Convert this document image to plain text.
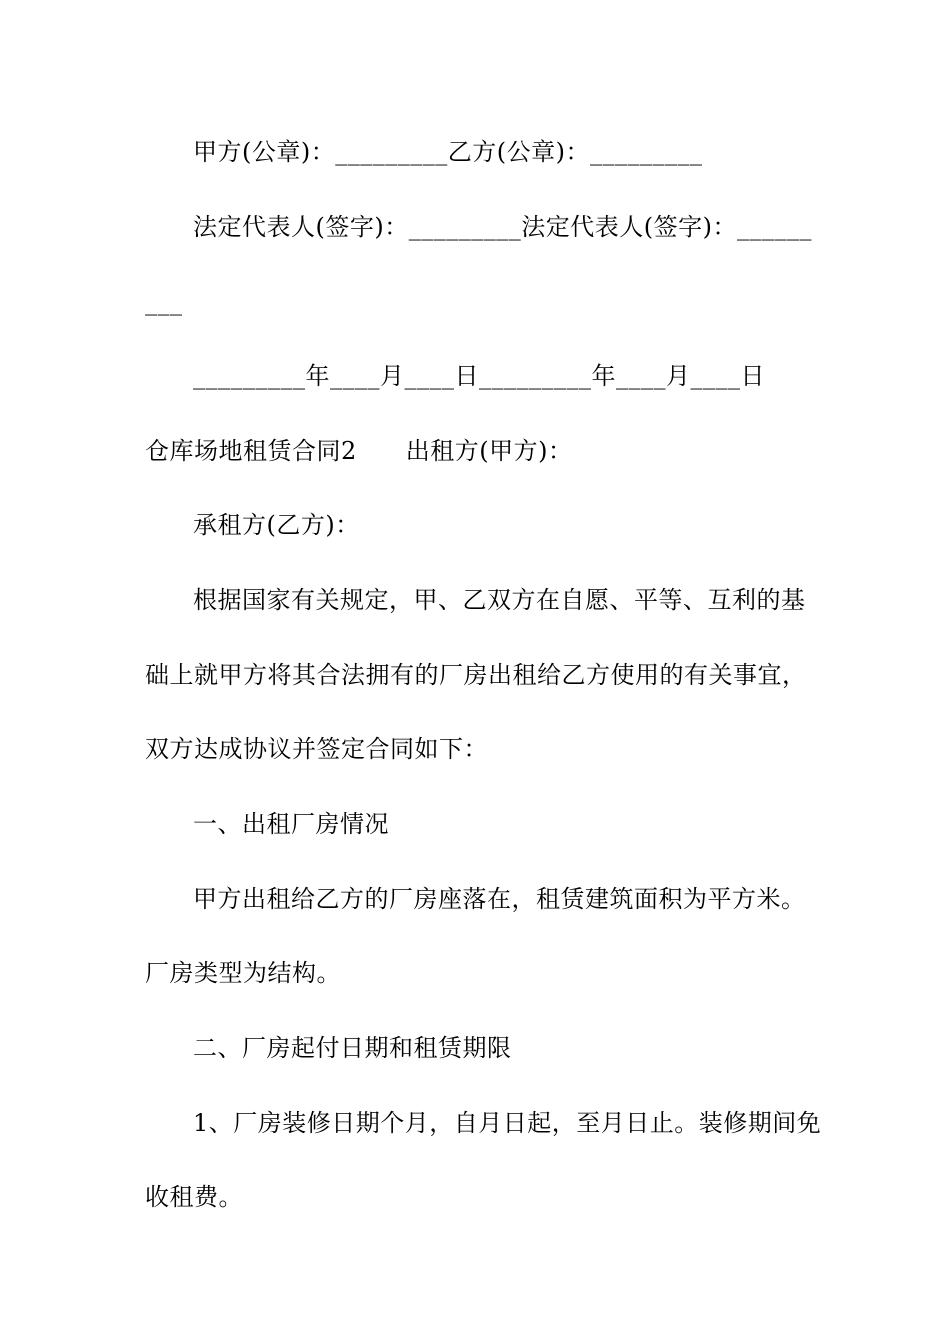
甲方(公章)：_________乙方(公章)：_________
法定代表人(签字)：_________法定代表人(签字)：______
___
_________年____月____日_________年____月____日
仓库场地租赁合同2　　出租方(甲方)：
承租方(乙方)：
根据国家有关规定，甲、乙双方在自愿、平等、互利的基
础上就甲方将其合法拥有的厂房出租给乙方使用的有关事宜，
双方达成协议并签定合同如下：
一、出租厂房情况
甲方出租给乙方的厂房座落在，租赁建筑面积为平方米。
厂房类型为结构。
二、厂房起付日期和租赁期限
1、厂房装修日期个月，自月日起，至月日止。装修期间免
收租费。
